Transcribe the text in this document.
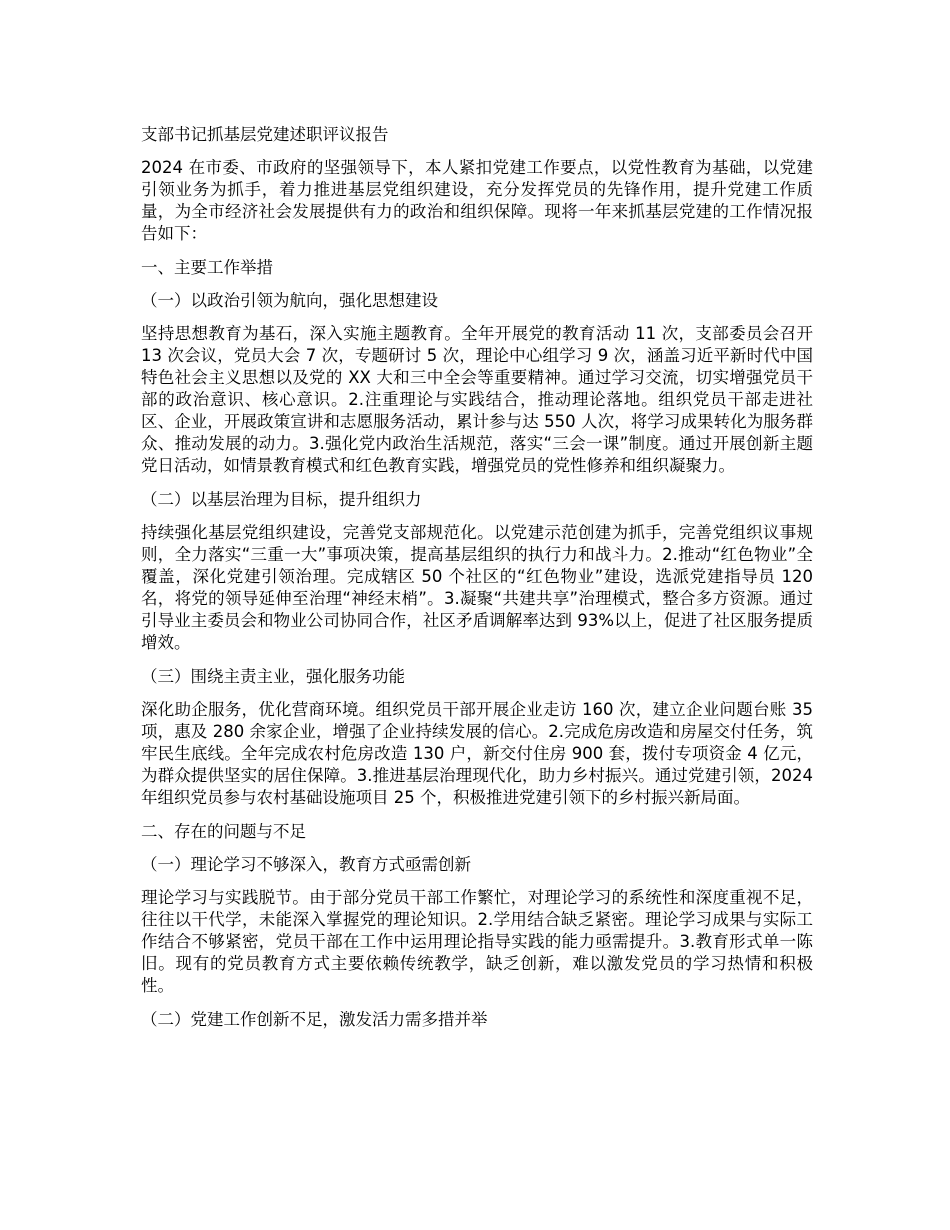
支部书记抓基层党建述职评议报告

2024 在市委、市政府的坚强领导下，本人紧扣党建工作要点，以党性教育为基础，以党建引领业务为抓手，着力推进基层党组织建设，充分发挥党员的先锋作用，提升党建工作质量，为全市经济社会发展提供有力的政治和组织保障。现将一年来抓基层党建的工作情况报告如下：

一、主要工作举措

（一）以政治引领为航向，强化思想建设

坚持思想教育为基石，深入实施主题教育。全年开展党的教育活动 11 次，支部委员会召开 13 次会议，党员大会 7 次，专题研讨 5 次，理论中心组学习 9 次，涵盖习近平新时代中国特色社会主义思想以及党的 XX 大和三中全会等重要精神。通过学习交流，切实增强党员干部的政治意识、核心意识。2.注重理论与实践结合，推动理论落地。组织党员干部走进社区、企业，开展政策宣讲和志愿服务活动，累计参与达 550 人次，将学习成果转化为服务群众、推动发展的动力。3.强化党内政治生活规范，落实“三会一课”制度。通过开展创新主题党日活动，如情景教育模式和红色教育实践，增强党员的党性修养和组织凝聚力。

（二）以基层治理为目标，提升组织力

持续强化基层党组织建设，完善党支部规范化。以党建示范创建为抓手，完善党组织议事规则，全力落实“三重一大”事项决策，提高基层组织的执行力和战斗力。2.推动“红色物业”全覆盖，深化党建引领治理。完成辖区 50 个社区的“红色物业”建设，选派党建指导员 120 名，将党的领导延伸至治理“神经末梢”。3.凝聚“共建共享”治理模式，整合多方资源。通过引导业主委员会和物业公司协同合作，社区矛盾调解率达到 93%以上，促进了社区服务提质增效。

（三）围绕主责主业，强化服务功能

深化助企服务，优化营商环境。组织党员干部开展企业走访 160 次，建立企业问题台账 35 项，惠及 280 余家企业，增强了企业持续发展的信心。2.完成危房改造和房屋交付任务，筑牢民生底线。全年完成农村危房改造 130 户，新交付住房 900 套，拨付专项资金 4 亿元，为群众提供坚实的居住保障。3.推进基层治理现代化，助力乡村振兴。通过党建引领，2024 年组织党员参与农村基础设施项目 25 个，积极推进党建引领下的乡村振兴新局面。

二、存在的问题与不足

（一）理论学习不够深入，教育方式亟需创新

理论学习与实践脱节。由于部分党员干部工作繁忙，对理论学习的系统性和深度重视不足，往往以干代学，未能深入掌握党的理论知识。2.学用结合缺乏紧密。理论学习成果与实际工作结合不够紧密，党员干部在工作中运用理论指导实践的能力亟需提升。3.教育形式单一陈旧。现有的党员教育方式主要依赖传统教学，缺乏创新，难以激发党员的学习热情和积极性。

（二）党建工作创新不足，激发活力需多措并举
